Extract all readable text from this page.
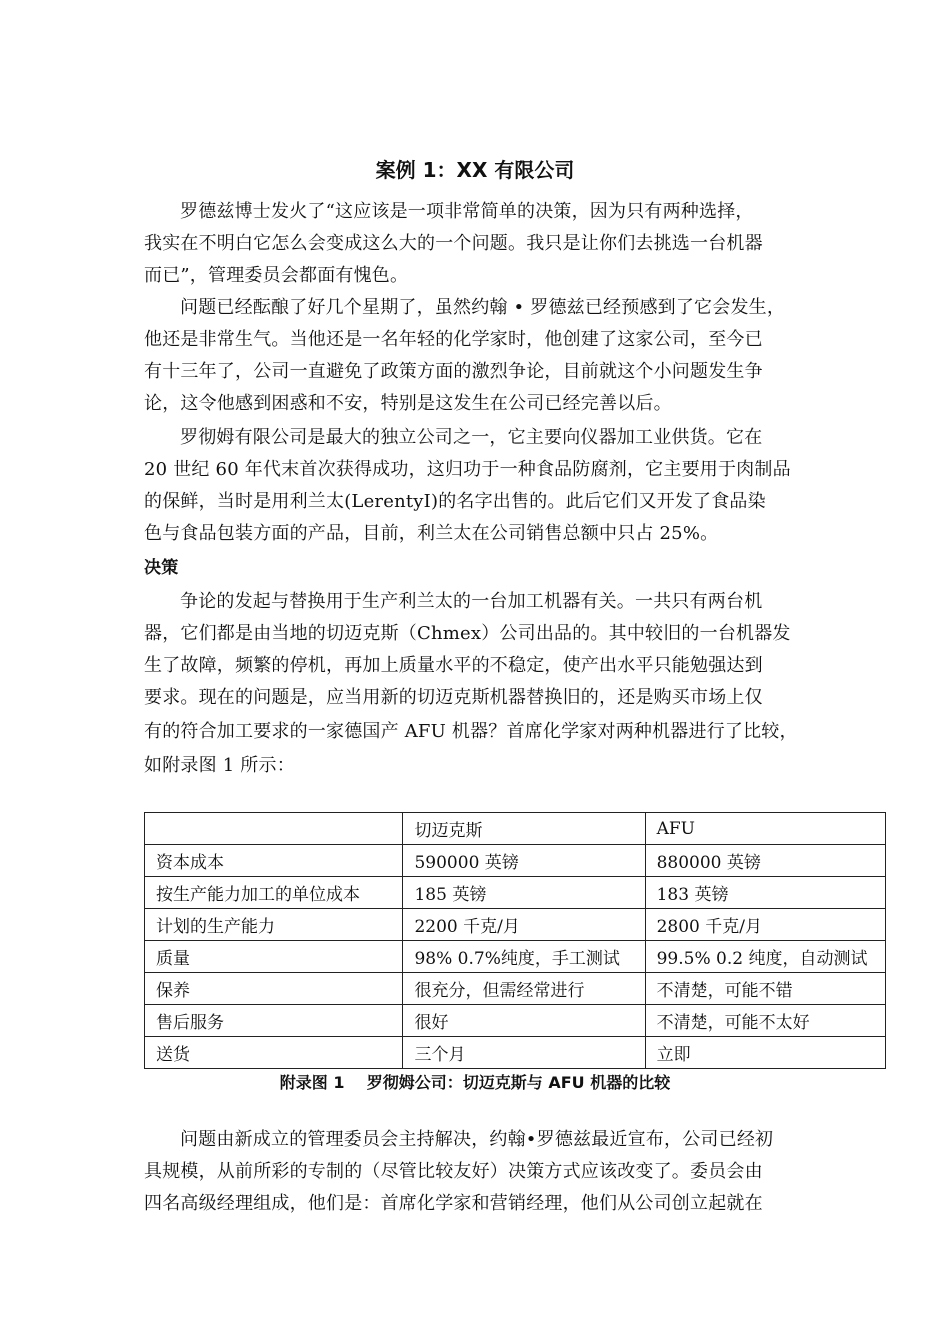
案例 1：XX 有限公司
罗德兹博士发火了“这应该是一项非常简单的决策，因为只有两种选择，
我实在不明白它怎么会变成这么大的一个问题。我只是让你们去挑选一台机器
而已”，管理委员会都面有愧色。
问题已经酝酿了好几个星期了，虽然约翰 • 罗德兹已经预感到了它会发生，
他还是非常生气。当他还是一名年轻的化学家时，他创建了这家公司，至今已
有十三年了，公司一直避免了政策方面的激烈争论，目前就这个小问题发生争
论，这令他感到困惑和不安，特别是这发生在公司已经完善以后。
罗彻姆有限公司是最大的独立公司之一，它主要向仪器加工业供货。它在
20 世纪 60 年代末首次获得成功，这归功于一种食品防腐剂，它主要用于肉制品
的保鲜，当时是用利兰太(LerentyI)的名字出售的。此后它们又开发了食品染
色与食品包装方面的产品，目前，利兰太在公司销售总额中只占 25%。
决策
争论的发起与替换用于生产利兰太的一台加工机器有关。一共只有两台机
器，它们都是由当地的切迈克斯（Chmex）公司出品的。其中较旧的一台机器发
生了故障，频繁的停机，再加上质量水平的不稳定，使产出水平只能勉强达到
要求。现在的问题是，应当用新的切迈克斯机器替换旧的，还是购买市场上仅
有的符合加工要求的一家德国产 AFU 机器？首席化学家对两种机器进行了比较，
如附录图 1 所示：
	切迈克斯	AFU
资本成本	590000 英镑	880000 英镑
按生产能力加工的单位成本	185 英镑	183 英镑
计划的生产能力	2200 千克/月	2800 千克/月
质量	98% 0.7%纯度，手工测试	99.5% 0.2 纯度，自动测试
保养	很充分，但需经常进行	不清楚，可能不错
售后服务	很好	不清楚，可能不太好
送货	三个月	立即
附录图 1    罗彻姆公司：切迈克斯与 AFU 机器的比较
问题由新成立的管理委员会主持解决，约翰•罗德兹最近宣布，公司已经初
具规模，从前所彩的专制的（尽管比较友好）决策方式应该改变了。委员会由
四名高级经理组成，他们是：首席化学家和营销经理，他们从公司创立起就在
